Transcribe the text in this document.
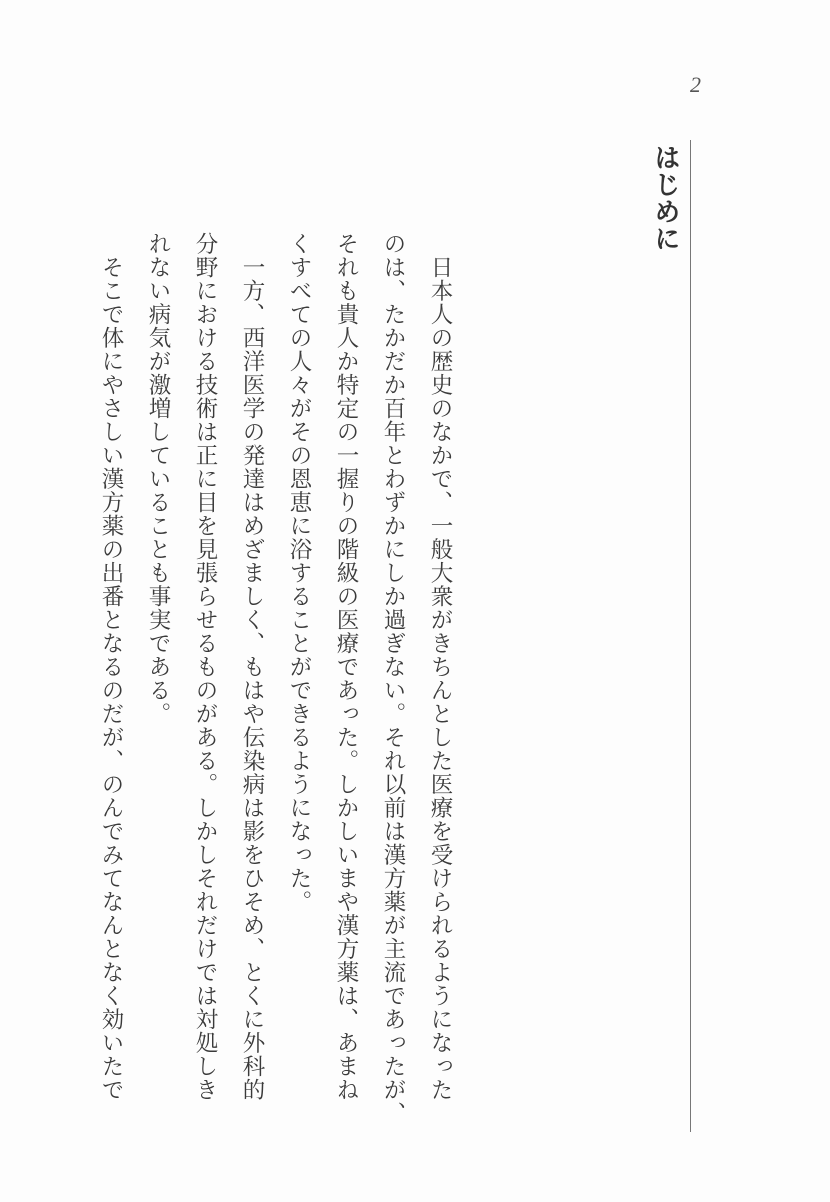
2
はじめに
　日本人の歴史のなかで、一般大衆がきちんとした医療を受けられるようになった
のは、たかだか百年とわずかにしか過ぎない。それ以前は漢方薬が主流であったが、
それも貴人か特定の一握りの階級の医療であった。しかしいまや漢方薬は、あまね
くすべての人々がその恩恵に浴することができるようになった。
　一方、西洋医学の発達はめざましく、もはや伝染病は影をひそめ、とくに外科的
分野における技術は正に目を見張らせるものがある。しかしそれだけでは対処しき
れない病気が激増していることも事実である。
　そこで体にやさしい漢方薬の出番となるのだが、のんでみてなんとなく効いたで
